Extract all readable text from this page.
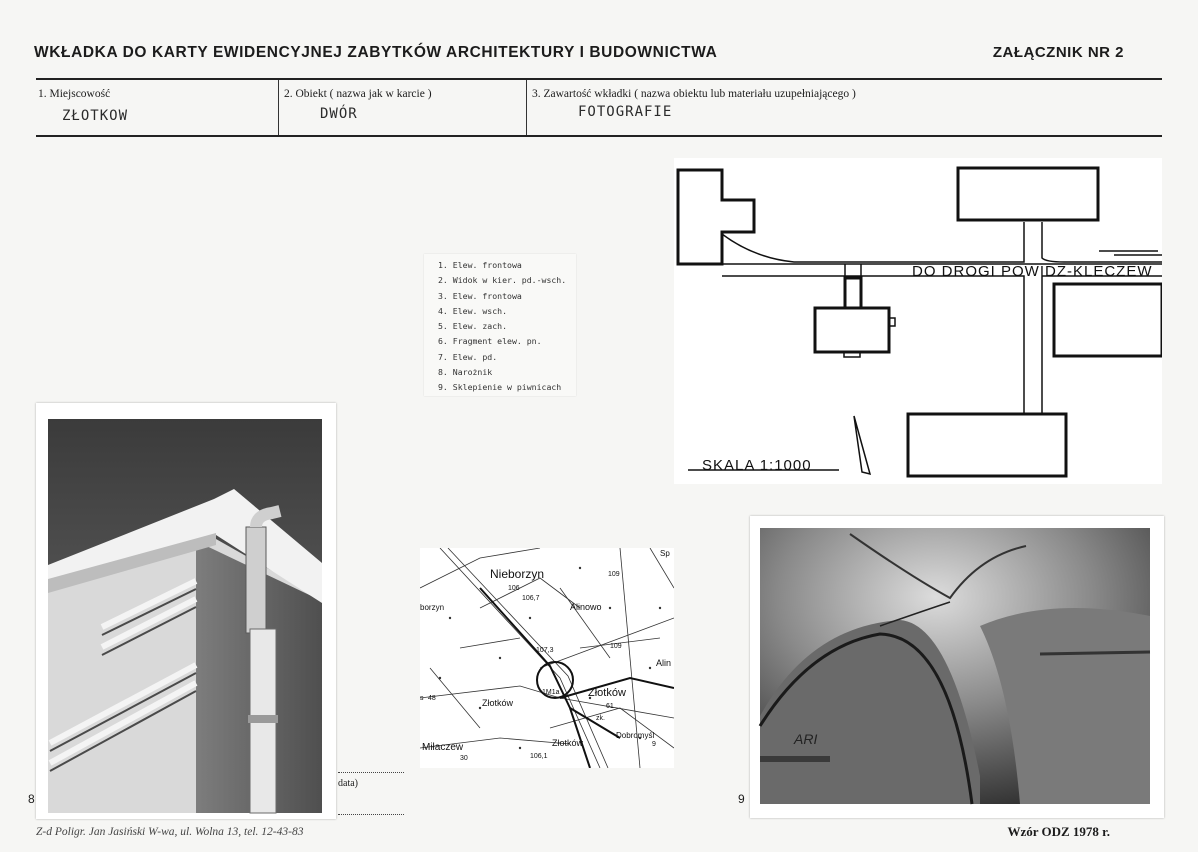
WKŁADKA DO KARTY EWIDENCYJNEJ ZABYTKÓW ARCHITEKTURY I BUDOWNICTWA	ZAŁĄCZNIK NR 2
1. Miejscowość
ZŁOTKOW
2. Obiekt ( nazwa jak w karcie )
DWÓR
3. Zawartość wkładki ( nazwa obiektu lub materiału uzupełniającego )
FOTOGRAFIE
1. Elew. frontowa
2. Widok w kier. pd.-wsch.
3. Elew. frontowa
4. Elew. wsch.
5. Elew. zach.
6. Fragment elew. pn.
7. Elew. pd.
8. Narożnik
9. Sklepienie w piwnicach
DO DROGI POWIDZ-KLECZEW
SKALA 1:1000
8
Nieborzyn
Alinowo
Złotków
Złotków
Złotków
Miłaczew
Dobromyśl
Alin
borzyn
Sp
106
106,7
107,3
109
109
1M1a
61
zk.
106,1
30
9
48
s
data)
ARI
9
Z-d Poligr. Jan Jasiński W-wa, ul. Wolna 13, tel. 12-43-83	Wzór ODZ 1978 r.
